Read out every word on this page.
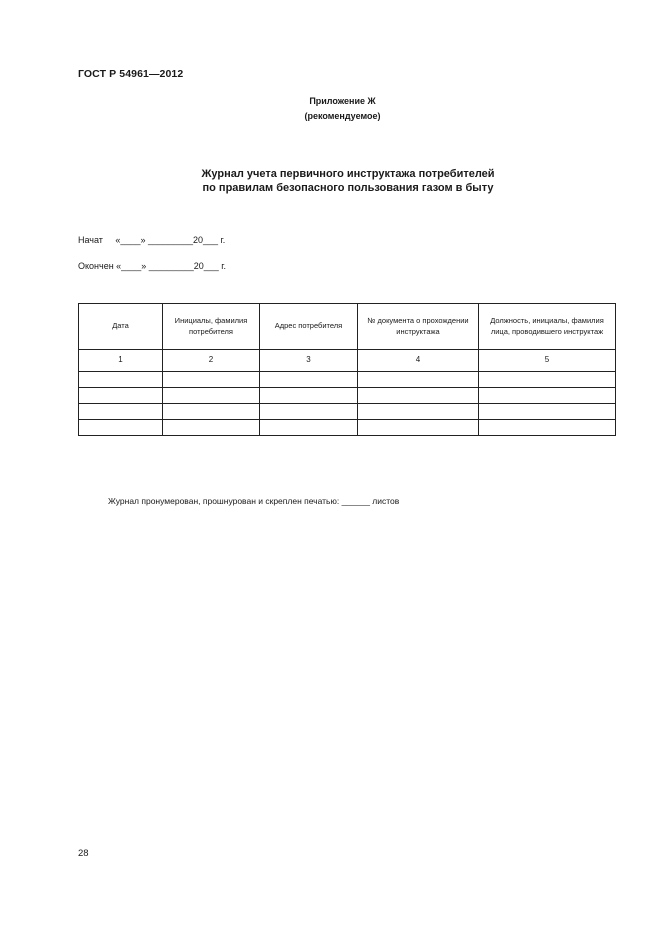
ГОСТ Р 54961—2012
Приложение Ж
(рекомендуемое)
Журнал учета первичного инструктажа потребителей
по правилам безопасного пользования газом в быту
Начат     «____» _________20___ г.
Окончен «____» _________20___ г.
Дата	Инициалы, фамилия потребителя	Адрес потребителя	№ документа о прохождении инструктажа	Должность, инициалы, фамилия лица, проводившего инструктаж
1	2	3	4	5

Журнал пронумерован, прошнурован и скреплен печатью: ______ листов
28
